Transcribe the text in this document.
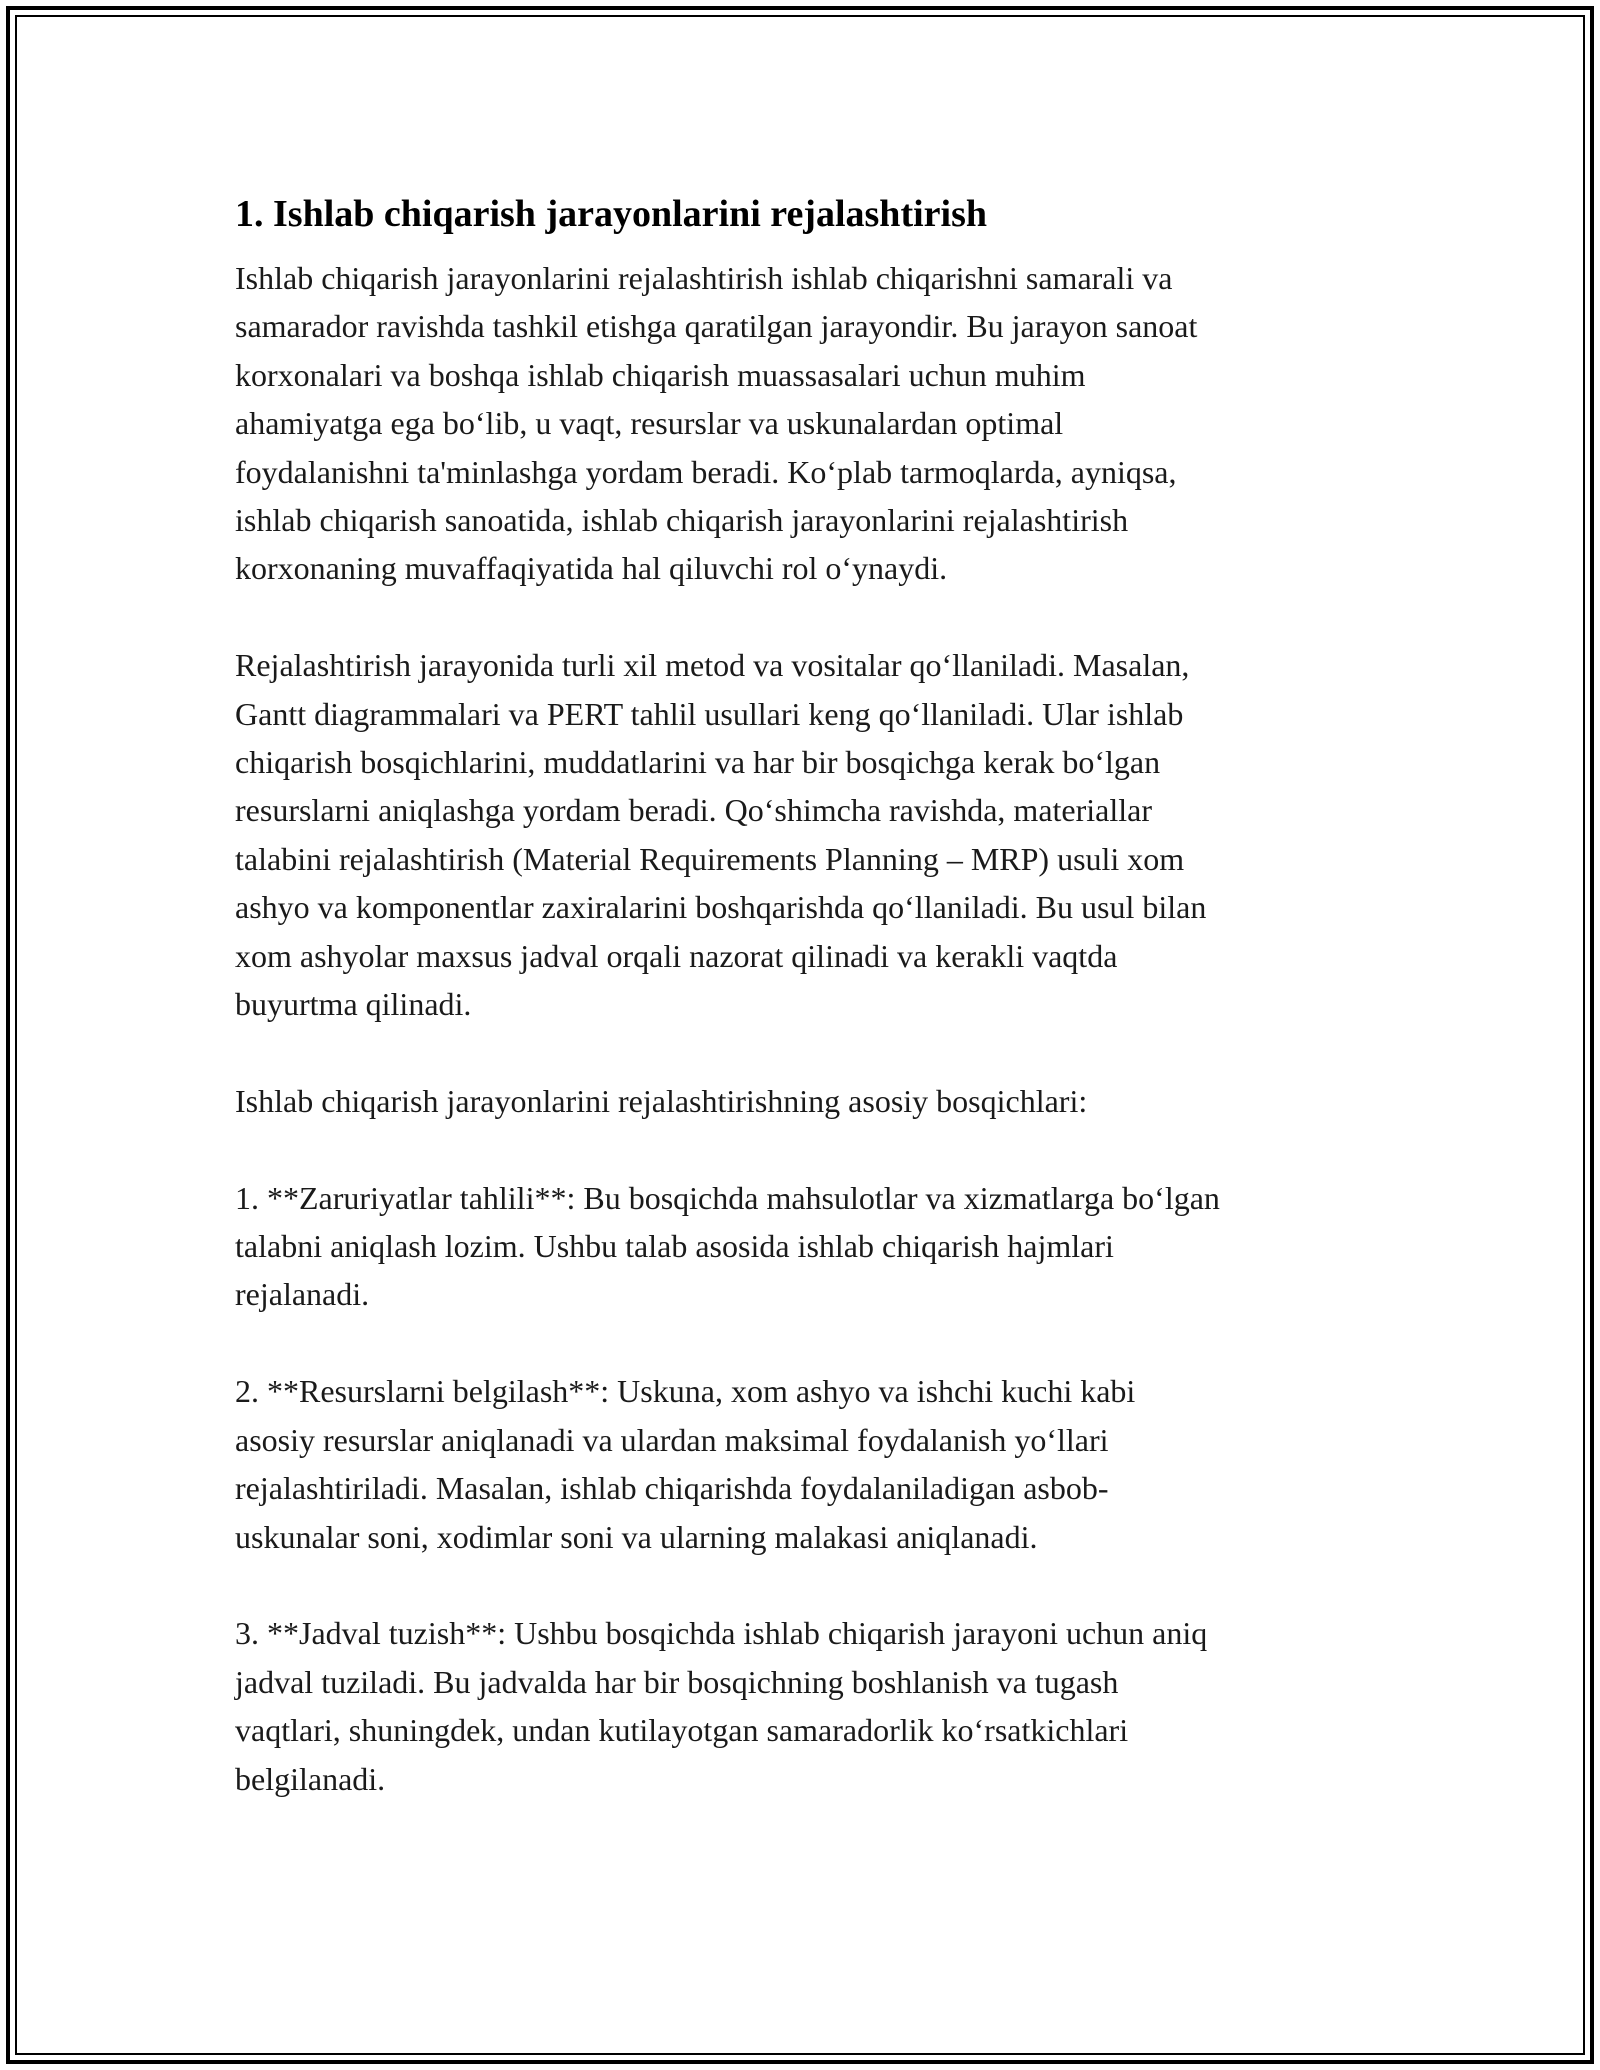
1. Ishlab chiqarish jarayonlarini rejalashtirish

Ishlab chiqarish jarayonlarini rejalashtirish ishlab chiqarishni samarali va
samarador ravishda tashkil etishga qaratilgan jarayondir. Bu jarayon sanoat
korxonalari va boshqa ishlab chiqarish muassasalari uchun muhim
ahamiyatga ega bo‘lib, u vaqt, resurslar va uskunalardan optimal
foydalanishni ta'minlashga yordam beradi. Ko‘plab tarmoqlarda, ayniqsa,
ishlab chiqarish sanoatida, ishlab chiqarish jarayonlarini rejalashtirish
korxonaning muvaffaqiyatida hal qiluvchi rol o‘ynaydi.

Rejalashtirish jarayonida turli xil metod va vositalar qo‘llaniladi. Masalan,
Gantt diagrammalari va PERT tahlil usullari keng qo‘llaniladi. Ular ishlab
chiqarish bosqichlarini, muddatlarini va har bir bosqichga kerak bo‘lgan
resurslarni aniqlashga yordam beradi. Qo‘shimcha ravishda, materiallar
talabini rejalashtirish (Material Requirements Planning – MRP) usuli xom
ashyo va komponentlar zaxiralarini boshqarishda qo‘llaniladi. Bu usul bilan
xom ashyolar maxsus jadval orqali nazorat qilinadi va kerakli vaqtda
buyurtma qilinadi.

Ishlab chiqarish jarayonlarini rejalashtirishning asosiy bosqichlari:

1. **Zaruriyatlar tahlili**: Bu bosqichda mahsulotlar va xizmatlarga bo‘lgan
talabni aniqlash lozim. Ushbu talab asosida ishlab chiqarish hajmlari
rejalanadi.

2. **Resurslarni belgilash**: Uskuna, xom ashyo va ishchi kuchi kabi
asosiy resurslar aniqlanadi va ulardan maksimal foydalanish yo‘llari
rejalashtiriladi. Masalan, ishlab chiqarishda foydalaniladigan asbob-
uskunalar soni, xodimlar soni va ularning malakasi aniqlanadi.

3. **Jadval tuzish**: Ushbu bosqichda ishlab chiqarish jarayoni uchun aniq
jadval tuziladi. Bu jadvalda har bir bosqichning boshlanish va tugash
vaqtlari, shuningdek, undan kutilayotgan samaradorlik ko‘rsatkichlari
belgilanadi.
